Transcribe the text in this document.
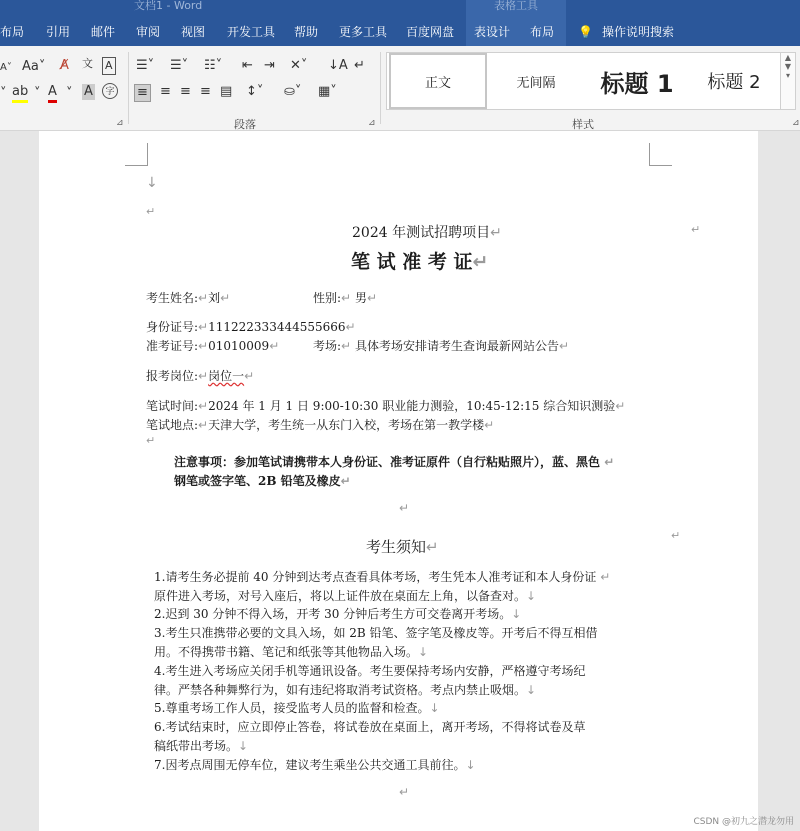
文档1 - Word	表格工具
布局 引用 邮件 审阅 视图 开发工具 帮助 更多工具 百度网盘	表设计	布局	💡 操作说明搜索
A˅ Aa˅ A̸ 文 A
˅ ab ˅ A ˅ A	字
⊿
☰˅ ☰˅ ☷˅ ⇤ ⇥ ✕˅ ↓A ↵
≡ ≡ ≡ ≡ ▤ ↕˅ ⛀˅ ▦˅
段落	⊿
正文	无间隔	标题 1	标题 2
▲
▼
▾
样式	⊿
↓
↵
2024 年测试招聘项目↵	↵
笔 试 准 考 证↵
考生姓名:↵刘↵	性别:↵ 男↵
身份证号:↵111222333444555666↵
准考证号:↵01010009↵	考场:↵ 具体考场安排请考生查询最新网站公告↵
报考岗位:↵岗位一↵
笔试时间:↵2024 年 1 月 1 日 9:00-10:30 职业能力测验，10:45-12:15 综合知识测验↵
笔试地点:↵天津大学，考生统一从东门入校，考场在第一教学楼↵
↵
注意事项：参加笔试请携带本人身份证、准考证原件（自行粘贴照片），蓝、黑色 ↵
钢笔或签字笔、2B 铅笔及橡皮↵
↵
↵
考生须知↵
1.请考生务必提前 40 分钟到达考点查看具体考场，考生凭本人准考证和本人身份证 ↵
原件进入考场，对号入座后，将以上证件放在桌面左上角，以备查对。↓
2.迟到 30 分钟不得入场，开考 30 分钟后考生方可交卷离开考场。↓
3.考生只准携带必要的文具入场，如 2B 铅笔、签字笔及橡皮等。开考后不得互相借
用。不得携带书籍、笔记和纸张等其他物品入场。↓
4.考生进入考场应关闭手机等通讯设备。考生要保持考场内安静，严格遵守考场纪
律。严禁各种舞弊行为，如有违纪将取消考试资格。考点内禁止吸烟。↓
5.尊重考场工作人员，接受监考人员的监督和检查。↓
6.考试结束时，应立即停止答卷，将试卷放在桌面上，离开考场，不得将试卷及草
稿纸带出考场。↓
7.因考点周围无停车位，建议考生乘坐公共交通工具前往。↓
↵
CSDN @初九之潜龙勿用
